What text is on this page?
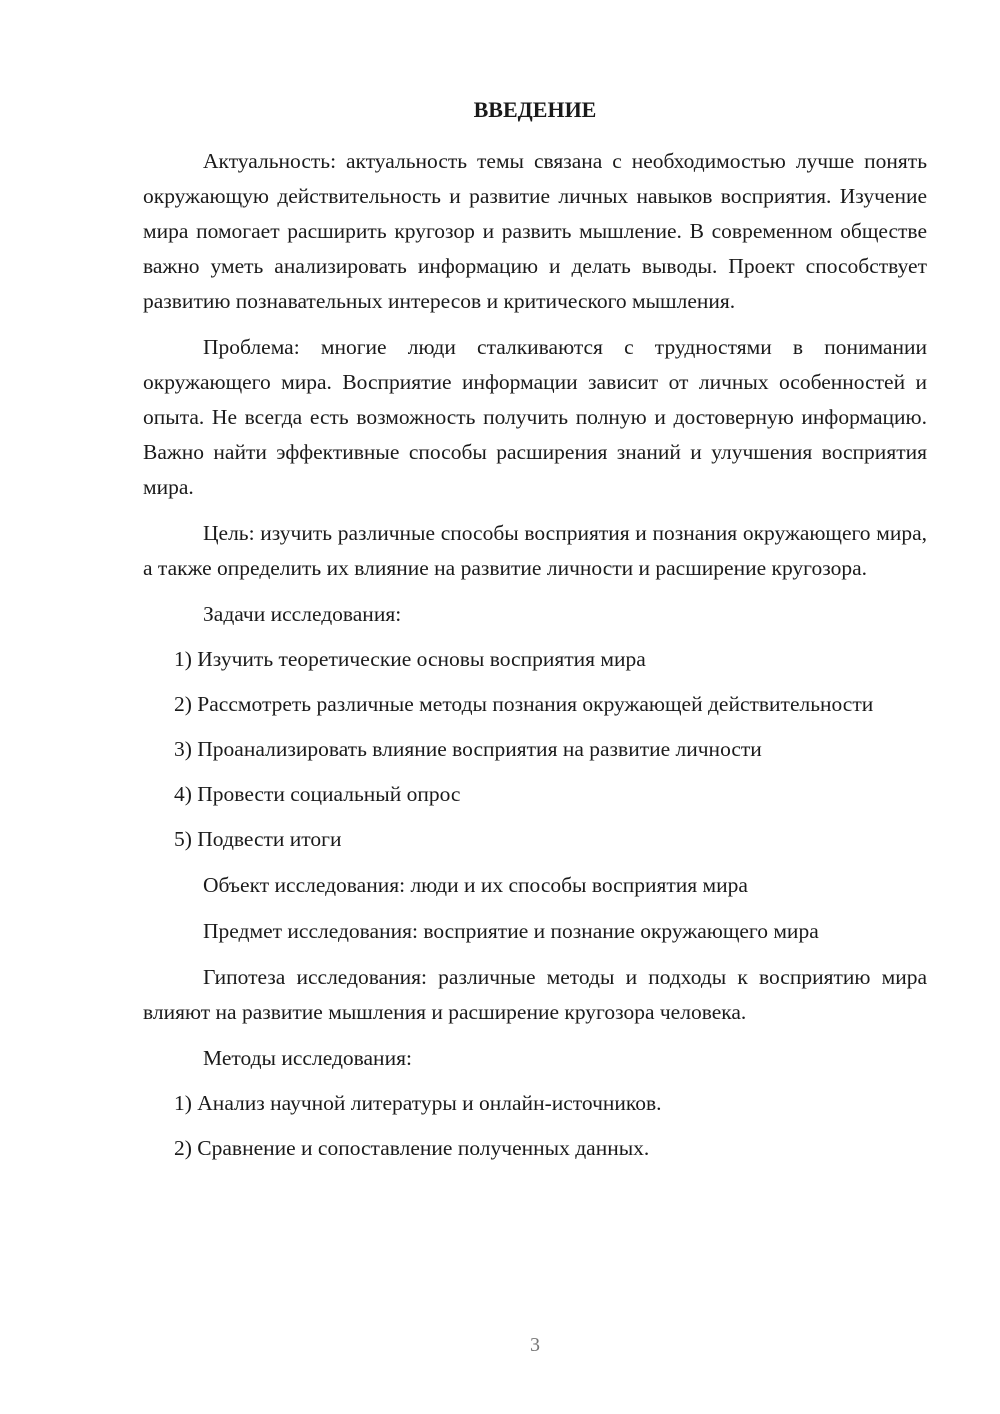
ВВЕДЕНИЕ

Актуальность: актуальность темы связана с необходимостью лучше понять окружающую действительность и развитие личных навыков восприятия. Изучение мира помогает расширить кругозор и развить мышление. В современном обществе важно уметь анализировать информацию и делать выводы. Проект способствует развитию познавательных интересов и критического мышления.

Проблема: многие люди сталкиваются с трудностями в понимании окружающего мира. Восприятие информации зависит от личных особенностей и опыта. Не всегда есть возможность получить полную и достоверную информацию. Важно найти эффективные способы расширения знаний и улучшения восприятия мира.

Цель: изучить различные способы восприятия и познания окружающего мира, а также определить их влияние на развитие личности и расширение кругозора.

Задачи исследования:

1) Изучить теоретические основы восприятия мира

2) Рассмотреть различные методы познания окружающей действительности

3) Проанализировать влияние восприятия на развитие личности

4) Провести социальный опрос

5) Подвести итоги

Объект исследования: люди и их способы восприятия мира

Предмет исследования: восприятие и познание окружающего мира

Гипотеза исследования: различные методы и подходы к восприятию мира влияют на развитие мышления и расширение кругозора человека.

Методы исследования:

1) Анализ научной литературы и онлайн-источников.

2) Сравнение и сопоставление полученных данных.

3
